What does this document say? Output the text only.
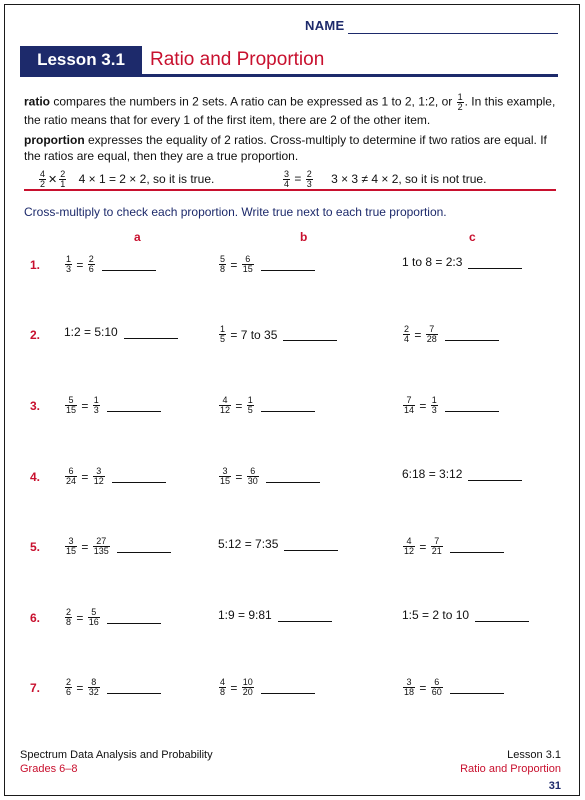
NAME
Lesson 3.1	Ratio and Proportion
ratio compares the numbers in 2 sets. A ratio can be expressed as 1 to 2, 1:2, or $\frac{1}{2}$ . In this example, the ratio means that for every 1 of the first item, there are 2 of the other item.
proportion expresses the equality of 2 ratios. Cross-multiply to determine if two ratios are equal. If the ratios are equal, then they are a true proportion.
$\frac{4}{2}$ ✕ $\frac{2}{1} 4 \times 1 = 2 \times 2$, so it is true.	$\frac{3}{4} = \frac{2}{3} 3 \times 3 \ne 4 \times 2$, so it is not true.
Cross-multiply to check each proportion. Write true next to each true proportion.
a	b	c
1.	$\frac{1}{3} = \frac{2}{6}$	$\frac{5}{8} = \frac{6}{15}$	1 to 8 = 2:3
2. 1:2 = 5:10	$\frac{1}{5} = 7$ to 35	$\frac{2}{4} = \frac{7}{28}$
3.	$\frac{5}{15} = \frac{1}{3}$	$\frac{4}{12} = \frac{1}{5}$	$\frac{7}{14} = \frac{1}{3}$
4.	$\frac{6}{24} = \frac{3}{12}$	$\frac{3}{15} = \frac{6}{30}$	6:18 = 3:12
5.	$\frac{3}{15} = \frac{27}{135}$	5:12 = 7:35	$\frac{4}{12} = \frac{7}{21}$
6.	$\frac{2}{8} = \frac{5}{16}$	1:9 = 9:81	1:5 = 2 to 10
7.	$\frac{2}{6} = \frac{8}{32}$	$\frac{4}{8} = \frac{10}{20}$	$\frac{3}{18} = \frac{6}{60}$
Spectrum Data Analysis and Probability
Grades 6–8
Lesson 3.1
Ratio and Proportion
31
